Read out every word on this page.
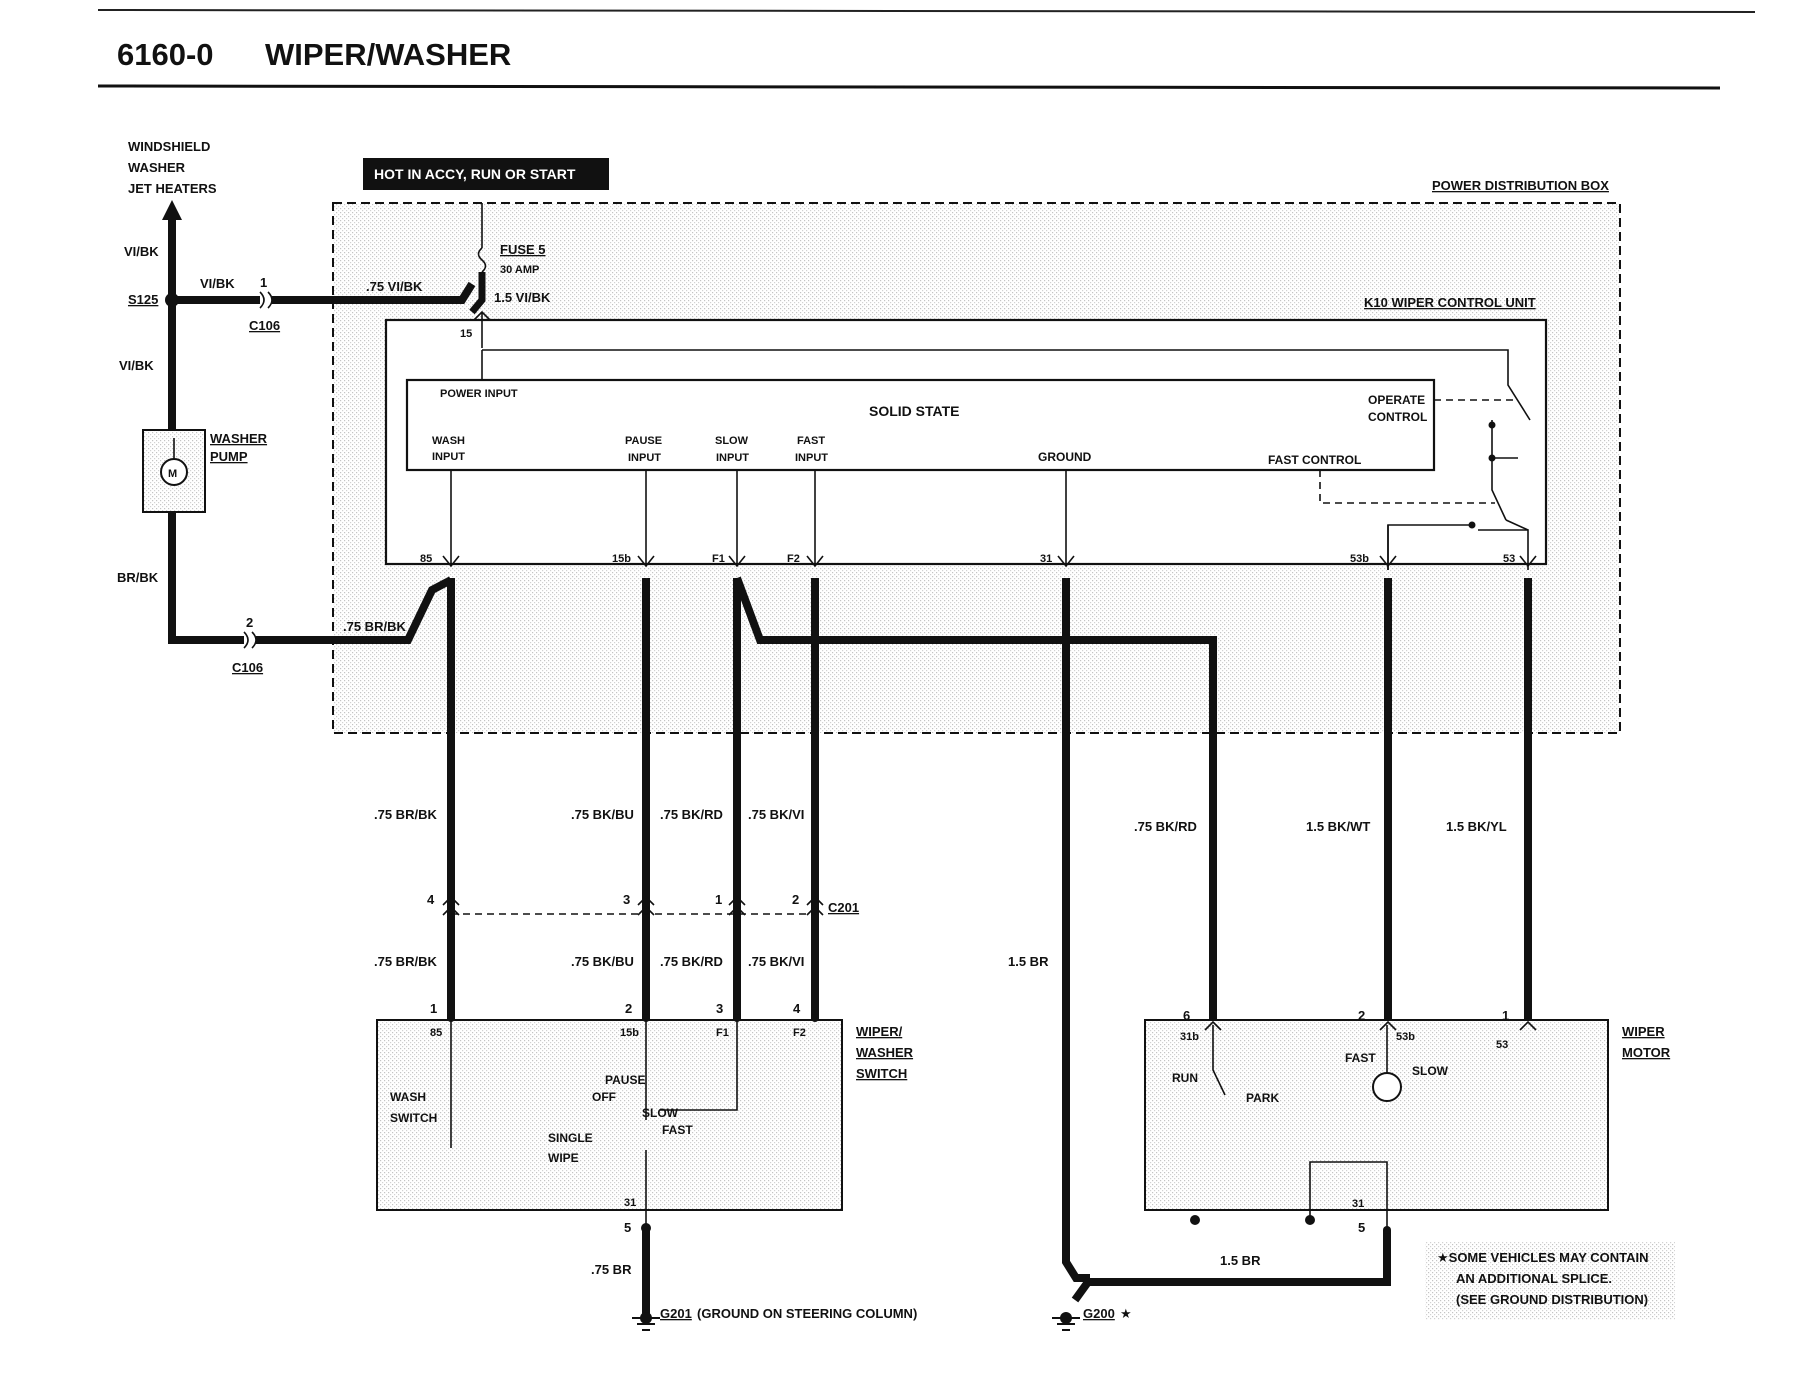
6160-0 WIPER/WASHER
HOT IN ACCY, RUN OR START
M
WINDSHIELD
WASHER
JET HEATERS	POWER DISTRIBUTION BOX
K10 WIPER CONTROL UNIT
FUSE 5
30 AMP
SOLID STATE
POWER INPUT	OPERATE
CONTROL
FAST CONTROL
WASH
INPUT
PAUSE
INPUT
SLOW
INPUT
FAST
INPUT	GROUND
WASHER
PUMP
S125
C106
C106
C201
WIPER/
WASHER
SWITCH
WIPER
MOTOR
G201 (GROUND ON STEERING COLUMN)	G200 ★
★SOME VEHICLES MAY CONTAIN
AN ADDITIONAL SPLICE.
(SEE GROUND DISTRIBUTION)
WASH
SWITCH
PAUSE
OFF
SLOW
FAST
SINGLE
WIPE
RUN
PARK
FAST
SLOW
VI/BK
VI/BK
VI/BK
BR/BK
.75 VI/BK
1.5 VI/BK
.75 BR/BK
.75 BR/BK	.75 BK/BU .75 BK/RD .75 BK/VI
.75 BK/RD	1.5 BK/WT	1.5 BK/YL
.75 BR/BK	.75 BK/BU .75 BK/RD .75 BK/VI	1.5 BR
1.5 BR
.75 BR
1
2
15
85	15b	F1	F2	31	53b	53
4	3	1	2
1	2	3	4
85	15b	F1	F2
31
5
6	2	1
31b	53b
53
31
5
